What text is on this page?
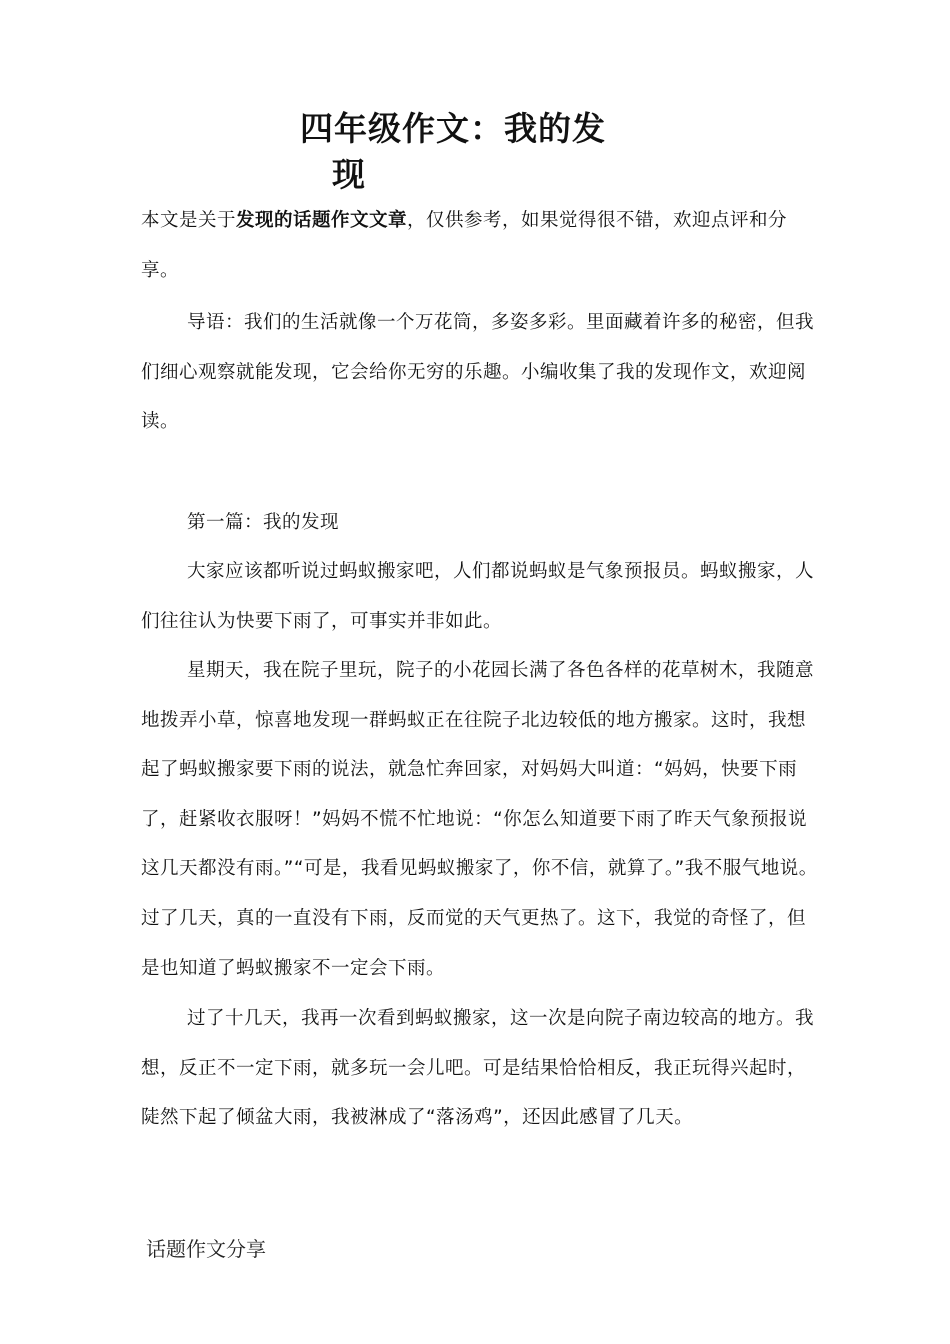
四年级作文：我的发
现

本文是关于发现的话题作文文章，仅供参考，如果觉得很不错，欢迎点评和分享。

导语：我们的生活就像一个万花筒，多姿多彩。里面藏着许多的秘密，但我们细心观察就能发现，它会给你无穷的乐趣。小编收集了我的发现作文，欢迎阅读。

第一篇：我的发现

大家应该都听说过蚂蚁搬家吧，人们都说蚂蚁是气象预报员。蚂蚁搬家，人们往往认为快要下雨了，可事实并非如此。

星期天，我在院子里玩，院子的小花园长满了各色各样的花草树木，我随意地拨弄小草，惊喜地发现一群蚂蚁正在往院子北边较低的地方搬家。这时，我想起了蚂蚁搬家要下雨的说法，就急忙奔回家，对妈妈大叫道：“妈妈，快要下雨了，赶紧收衣服呀！”妈妈不慌不忙地说：“你怎么知道要下雨了昨天气象预报说这几天都没有雨。”“可是，我看见蚂蚁搬家了，你不信，就算了。”我不服气地说。过了几天，真的一直没有下雨，反而觉的天气更热了。这下，我觉的奇怪了，但是也知道了蚂蚁搬家不一定会下雨。

过了十几天，我再一次看到蚂蚁搬家，这一次是向院子南边较高的地方。我想，反正不一定下雨，就多玩一会儿吧。可是结果恰恰相反，我正玩得兴起时，陡然下起了倾盆大雨，我被淋成了“落汤鸡”，还因此感冒了几天。

话题作文分享
